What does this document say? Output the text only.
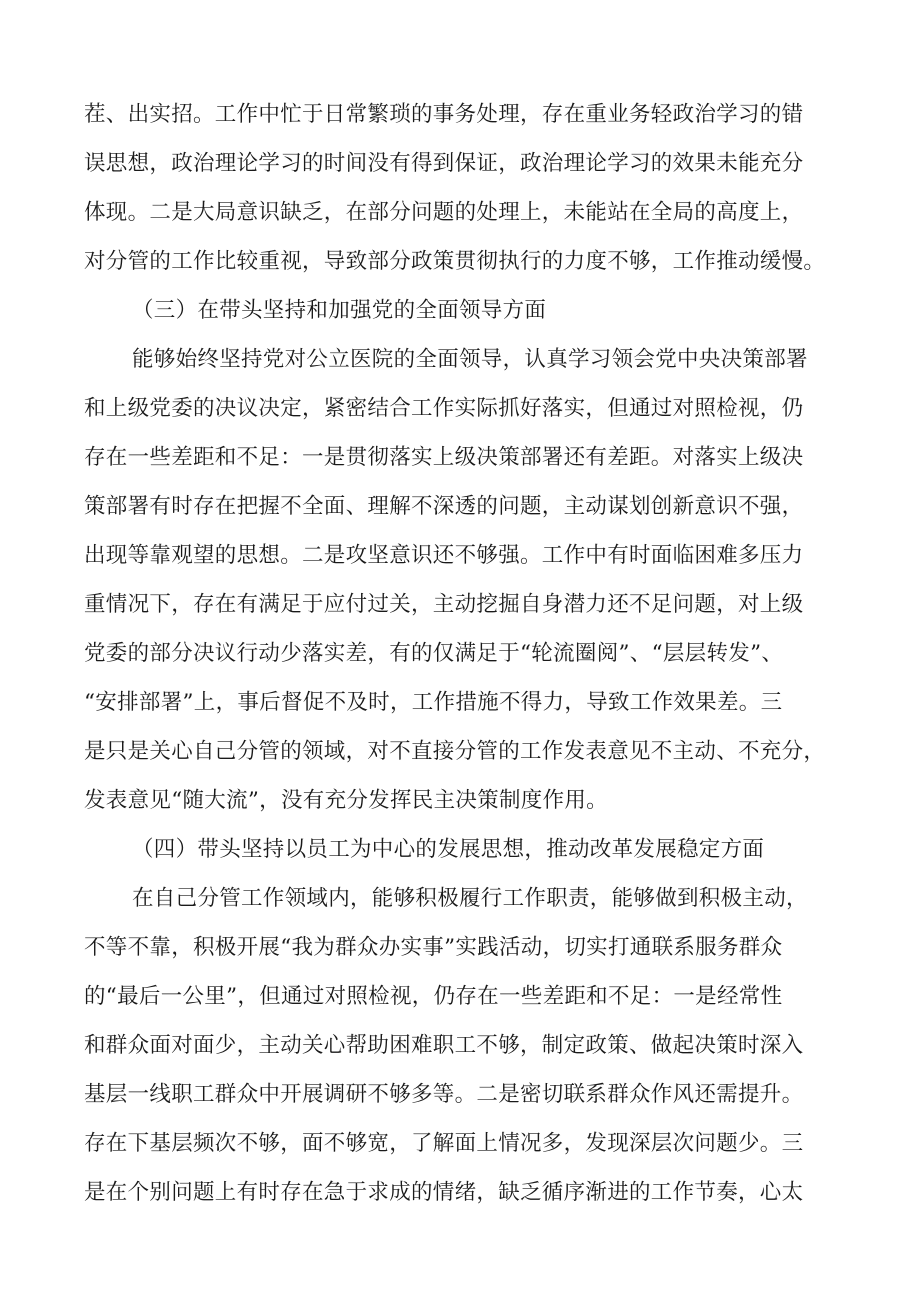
茬、出实招。工作中忙于日常繁琐的事务处理，存在重业务轻政治学习的错
误思想，政治理论学习的时间没有得到保证，政治理论学习的效果未能充分
体现。二是大局意识缺乏，在部分问题的处理上，未能站在全局的高度上，
对分管的工作比较重视，导致部分政策贯彻执行的力度不够，工作推动缓慢。
（三）在带头坚持和加强党的全面领导方面
能够始终坚持党对公立医院的全面领导，认真学习领会党中央决策部署
和上级党委的决议决定，紧密结合工作实际抓好落实，但通过对照检视，仍
存在一些差距和不足：一是贯彻落实上级决策部署还有差距。对落实上级决
策部署有时存在把握不全面、理解不深透的问题，主动谋划创新意识不强，
出现等靠观望的思想。二是攻坚意识还不够强。工作中有时面临困难多压力
重情况下，存在有满足于应付过关，主动挖掘自身潜力还不足问题，对上级
党委的部分决议行动少落实差，有的仅满足于“轮流圈阅”、“层层转发”、
“安排部署”上，事后督促不及时，工作措施不得力，导致工作效果差。三
是只是关心自己分管的领域，对不直接分管的工作发表意见不主动、不充分，
发表意见“随大流”，没有充分发挥民主决策制度作用。
（四）带头坚持以员工为中心的发展思想，推动改革发展稳定方面
在自己分管工作领域内，能够积极履行工作职责，能够做到积极主动，
不等不靠，积极开展“我为群众办实事”实践活动，切实打通联系服务群众
的“最后一公里”，但通过对照检视，仍存在一些差距和不足：一是经常性
和群众面对面少，主动关心帮助困难职工不够，制定政策、做起决策时深入
基层一线职工群众中开展调研不够多等。二是密切联系群众作风还需提升。
存在下基层频次不够，面不够宽，了解面上情况多，发现深层次问题少。三
是在个别问题上有时存在急于求成的情绪，缺乏循序渐进的工作节奏，心太
